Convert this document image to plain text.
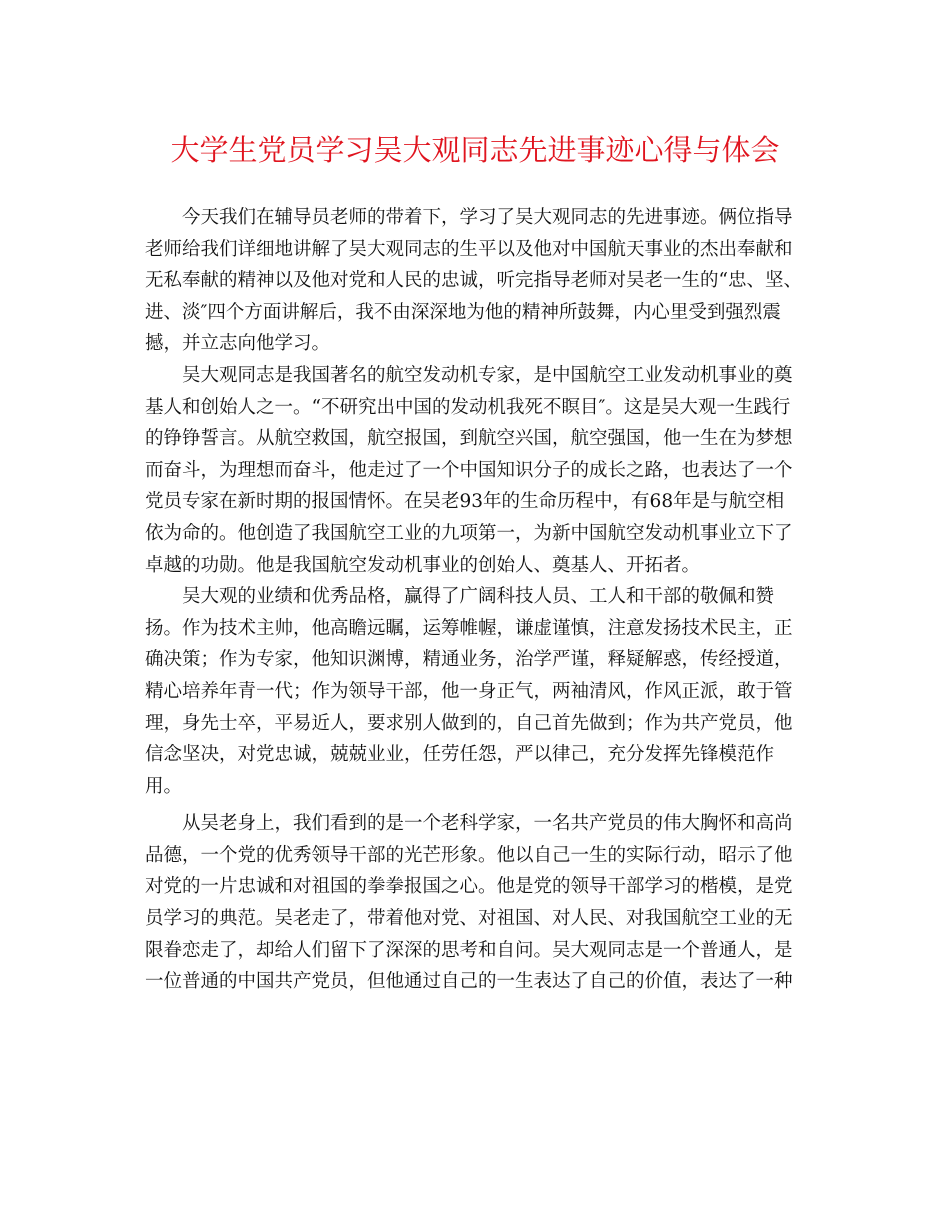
大学生党员学习吴大观同志先进事迹心得与体会
今天我们在辅导员老师的带着下，学习了吴大观同志的先进事迹。俩位指导
老师给我们详细地讲解了吴大观同志的生平以及他对中国航天事业的杰出奉献和
无私奉献的精神以及他对党和人民的忠诚，听完指导老师对吴老一生的“忠、坚、
进、淡″四个方面讲解后，我不由深深地为他的精神所鼓舞，内心里受到强烈震
撼，并立志向他学习。
吴大观同志是我国著名的航空发动机专家，是中国航空工业发动机事业的奠
基人和创始人之一。“不研究出中国的发动机我死不瞑目″。这是吴大观一生践行
的铮铮誓言。从航空救国，航空报国，到航空兴国，航空强国，他一生在为梦想
而奋斗，为理想而奋斗，他走过了一个中国知识分子的成长之路，也表达了一个
党员专家在新时期的报国情怀。在吴老93年的生命历程中，有68年是与航空相
依为命的。他创造了我国航空工业的九项第一，为新中国航空发动机事业立下了
卓越的功勋。他是我国航空发动机事业的创始人、奠基人、开拓者。
吴大观的业绩和优秀品格，赢得了广阔科技人员、工人和干部的敬佩和赞
扬。作为技术主帅，他高瞻远瞩，运筹帷幄，谦虚谨慎，注意发扬技术民主，正
确决策；作为专家，他知识渊博，精通业务，治学严谨，释疑解惑，传经授道，
精心培养年青一代；作为领导干部，他一身正气，两袖清风，作风正派，敢于管
理，身先士卒，平易近人，要求别人做到的，自己首先做到；作为共产党员，他
信念坚决，对党忠诚，兢兢业业，任劳任怨，严以律己，充分发挥先锋模范作
用。
从吴老身上，我们看到的是一个老科学家，一名共产党员的伟大胸怀和高尚
品德，一个党的优秀领导干部的光芒形象。他以自己一生的实际行动，昭示了他
对党的一片忠诚和对祖国的拳拳报国之心。他是党的领导干部学习的楷模，是党
员学习的典范。吴老走了，带着他对党、对祖国、对人民、对我国航空工业的无
限眷恋走了，却给人们留下了深深的思考和自问。吴大观同志是一个普通人，是
一位普通的中国共产党员，但他通过自己的一生表达了自己的价值，表达了一种
